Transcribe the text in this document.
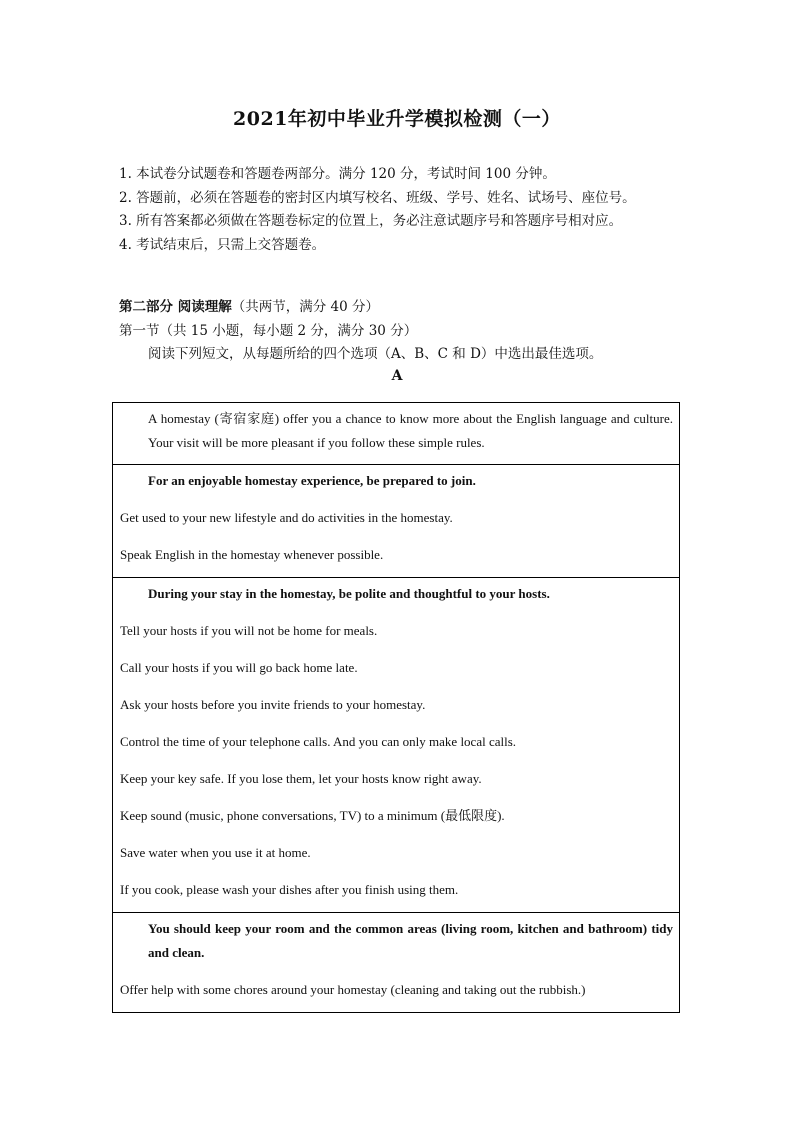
2021年初中毕业升学模拟检测（一）
1. 本试卷分试题卷和答题卷两部分。满分 120 分，考试时间 100 分钟。
2. 答题前，必须在答题卷的密封区内填写校名、班级、学号、姓名、试场号、座位号。
3. 所有答案都必须做在答题卷标定的位置上，务必注意试题序号和答题序号相对应。
4. 考试结束后，只需上交答题卷。
第二部分 阅读理解（共两节，满分 40 分）
第一节（共 15 小题，每小题 2 分，满分 30 分）
阅读下列短文，从每题所给的四个选项（A、B、C 和 D）中选出最佳选项。
A
A homestay (寄宿家庭) offer you a chance to know more about the English language and culture. Your visit will be more pleasant if you follow these simple rules.
For an enjoyable homestay experience, be prepared to join.
Get used to your new lifestyle and do activities in the homestay.
Speak English in the homestay whenever possible.
During your stay in the homestay, be polite and thoughtful to your hosts.
Tell your hosts if you will not be home for meals.
Call your hosts if you will go back home late.
Ask your hosts before you invite friends to your homestay.
Control the time of your telephone calls. And you can only make local calls.
Keep your key safe. If you lose them, let your hosts know right away.
Keep sound (music, phone conversations, TV) to a minimum (最低限度).
Save water when you use it at home.
If you cook, please wash your dishes after you finish using them.
You should keep your room and the common areas (living room, kitchen and bathroom) tidy and clean.
Offer help with some chores around your homestay (cleaning and taking out the rubbish.)
